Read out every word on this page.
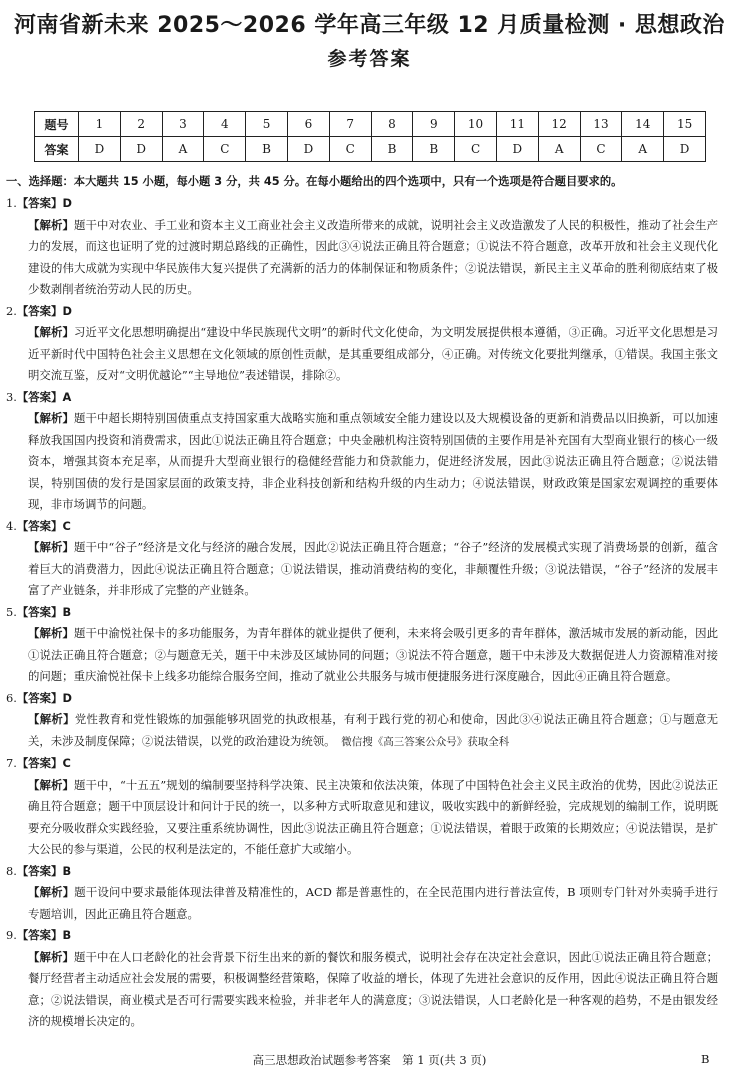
河南省新未来 2025～2026 学年高三年级 12 月质量检测 · 思想政治
参考答案
题号	1	2	3	4	5	6	7	8	9	10	11	12	13	14	15
答案	D	D	A	C	B	D	C	B	B	C	D	A	C	A	D
一、选择题：本大题共 15 小题，每小题 3 分，共 45 分。在每小题给出的四个选项中，只有一个选项是符合题目要求的。

1.【答案】D

【解析】题干中对农业、手工业和资本主义工商业社会主义改造所带来的成就，说明社会主义改造激发了人民的积极性，推动了社会生产力的发展，而这也证明了党的过渡时期总路线的正确性，因此③④说法正确且符合题意；①说法不符合题意，改革开放和社会主义现代化建设的伟大成就为实现中华民族伟大复兴提供了充满新的活力的体制保证和物质条件；②说法错误，新民主主义革命的胜利彻底结束了极少数剥削者统治劳动人民的历史。

2.【答案】D

【解析】习近平文化思想明确提出“建设中华民族现代文明”的新时代文化使命，为文明发展提供根本遵循，③正确。习近平文化思想是习近平新时代中国特色社会主义思想在文化领域的原创性贡献，是其重要组成部分，④正确。对传统文化要批判继承，①错误。我国主张文明交流互鉴，反对“文明优越论”“主导地位”表述错误，排除②。

3.【答案】A

【解析】题干中超长期特别国债重点支持国家重大战略实施和重点领域安全能力建设以及大规模设备的更新和消费品以旧换新，可以加速释放我国国内投资和消费需求，因此①说法正确且符合题意；中央金融机构注资特别国债的主要作用是补充国有大型商业银行的核心一级资本，增强其资本充足率，从而提升大型商业银行的稳健经营能力和贷款能力，促进经济发展，因此③说法正确且符合题意；②说法错误，特别国债的发行是国家层面的政策支持，非企业科技创新和结构升级的内生动力；④说法错误，财政政策是国家宏观调控的重要体现，非市场调节的问题。

4.【答案】C

【解析】题干中“谷子”经济是文化与经济的融合发展，因此②说法正确且符合题意；“谷子”经济的发展模式实现了消费场景的创新，蕴含着巨大的消费潜力，因此④说法正确且符合题意；①说法错误，推动消费结构的变化，非颠覆性升级；③说法错误，“谷子”经济的发展丰富了产业链条，并非形成了完整的产业链条。

5.【答案】B

【解析】题干中渝悦社保卡的多功能服务，为青年群体的就业提供了便利，未来将会吸引更多的青年群体，激活城市发展的新动能，因此①说法正确且符合题意；②与题意无关，题干中未涉及区域协同的问题；③说法不符合题意，题干中未涉及大数据促进人力资源精准对接的问题；重庆渝悦社保卡上线多功能综合服务空间，推动了就业公共服务与城市便捷服务进行深度融合，因此④正确且符合题意。

6.【答案】D

【解析】党性教育和党性锻炼的加强能够巩固党的执政根基，有利于践行党的初心和使命，因此③④说法正确且符合题意；①与题意无关，未涉及制度保障；②说法错误，以党的政治建设为统领。　 微信搜《高三答案公众号》获取全科

7.【答案】C

【解析】题干中，“十五五”规划的编制要坚持科学决策、民主决策和依法决策，体现了中国特色社会主义民主政治的优势，因此②说法正确且符合题意；题干中顶层设计和问计于民的统一，以多种方式听取意见和建议，吸收实践中的新鲜经验，完成规划的编制工作，说明既要充分吸收群众实践经验，又要注重系统协调性，因此③说法正确且符合题意；①说法错误，着眼于政策的长期效应；④说法错误，是扩大公民的参与渠道，公民的权利是法定的，不能任意扩大或缩小。

8.【答案】B

【解析】题干设问中要求最能体现法律普及精准性的，ACD 都是普惠性的，在全民范围内进行普法宣传，B 项则专门针对外卖骑手进行专题培训，因此正确且符合题意。

9.【答案】B

【解析】题干中在人口老龄化的社会背景下衍生出来的新的餐饮和服务模式，说明社会存在决定社会意识，因此①说法正确且符合题意；餐厅经营者主动适应社会发展的需要，积极调整经营策略，保障了收益的增长，体现了先进社会意识的反作用，因此④说法正确且符合题意；②说法错误，商业模式是否可行需要实践来检验，并非老年人的满意度；③说法错误，人口老龄化是一种客观的趋势，不是由银发经济的规模增长决定的。

高三思想政治试题参考答案　第 1 页(共 3 页)	B
